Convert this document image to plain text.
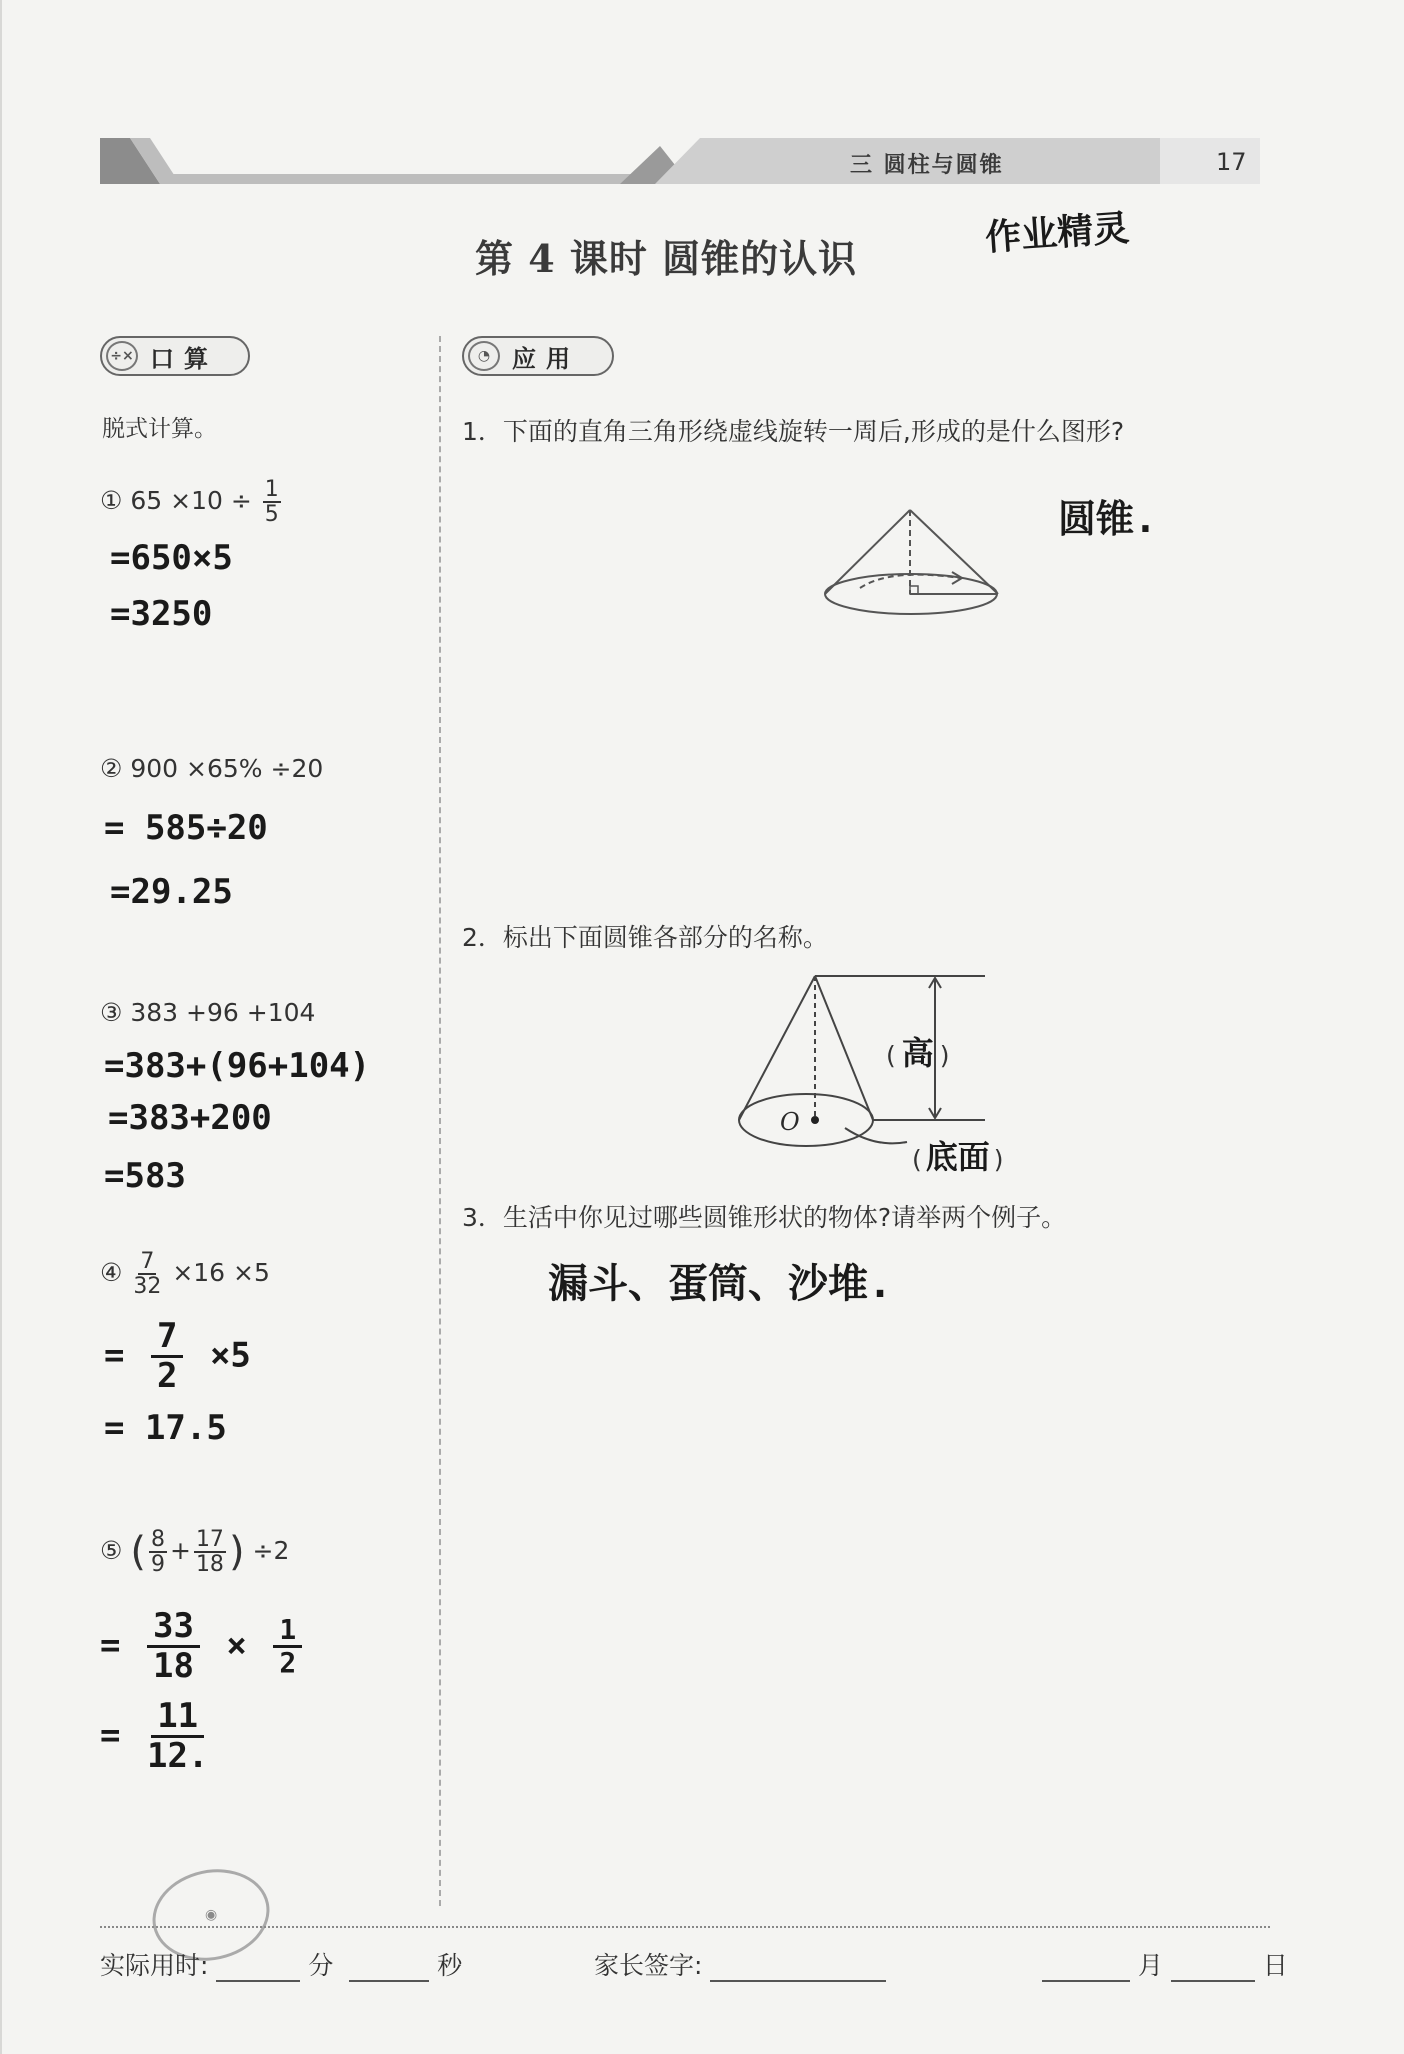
三 圆柱与圆锥	17
第 4 课时 圆锥的认识	作业精灵
÷× 口算	◔ 应用
脱式计算。
① $65 \times 10 \div \frac{1}{5}$
=650×5
=3250
② 900 ×65% ÷20
= 585÷20
=29.25
③ 383 +96 +104
=383+(96+104)
=383+200
=583
④ $\frac{7}{32} \times 16 \times 5$
= $\frac{7}{2} \times 5$
= 17.5
⑤ ( $\frac{8}{9} + \frac{17}{18}$ ) ÷2
= $\frac{33}{18} \times \frac{1}{2}$
= $\frac{11}{12.}$
1．下面的直角三角形绕虚线旋转一周后,形成的是什么图形?
圆锥.
2．标出下面圆锥各部分的名称。
O
( 高 )
( 底面 )
3．生活中你见过哪些圆锥形状的物体?请举两个例子。
漏斗、蛋筒、沙堆.
◉
实际用时:	分	秒	家长签字:	月	日
